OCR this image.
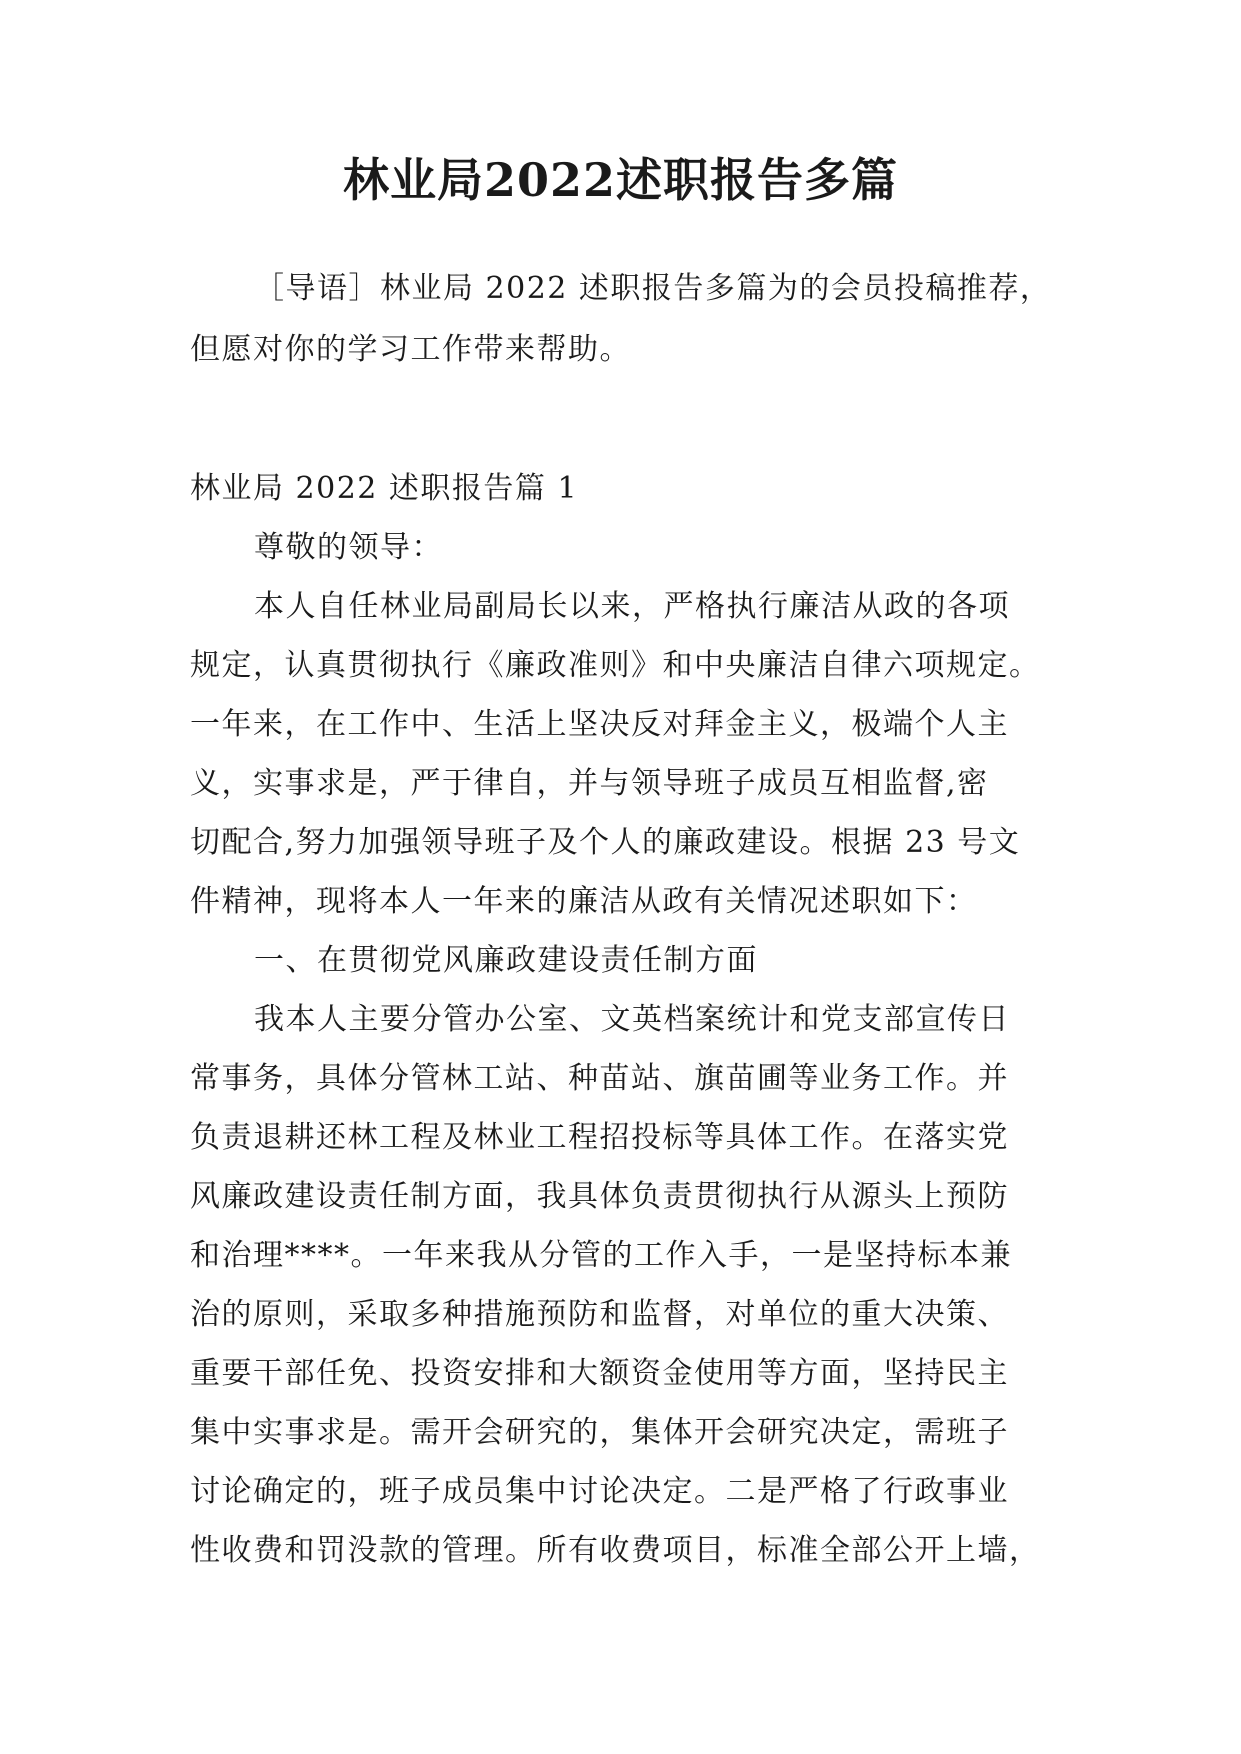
林业局2022述职报告多篇
［导语］林业局 2022 述职报告多篇为的会员投稿推荐，
但愿对你的学习工作带来帮助。
林业局 2022 述职报告篇 1
尊敬的领导：
本人自任林业局副局长以来，严格执行廉洁从政的各项
规定，认真贯彻执行《廉政准则》和中央廉洁自律六项规定。
一年来，在工作中、生活上坚决反对拜金主义，极端个人主
义，实事求是，严于律自，并与领导班子成员互相监督,密
切配合,努力加强领导班子及个人的廉政建设。根据 23 号文
件精神，现将本人一年来的廉洁从政有关情况述职如下：
一、在贯彻党风廉政建设责任制方面
我本人主要分管办公室、文英档案统计和党支部宣传日
常事务，具体分管林工站、种苗站、旗苗圃等业务工作。并
负责退耕还林工程及林业工程招投标等具体工作。在落实党
风廉政建设责任制方面，我具体负责贯彻执行从源头上预防
和治理****。一年来我从分管的工作入手，一是坚持标本兼
治的原则，采取多种措施预防和监督，对单位的重大决策、
重要干部任免、投资安排和大额资金使用等方面，坚持民主
集中实事求是。需开会研究的，集体开会研究决定，需班子
讨论确定的，班子成员集中讨论决定。二是严格了行政事业
性收费和罚没款的管理。所有收费项目，标准全部公开上墙，
